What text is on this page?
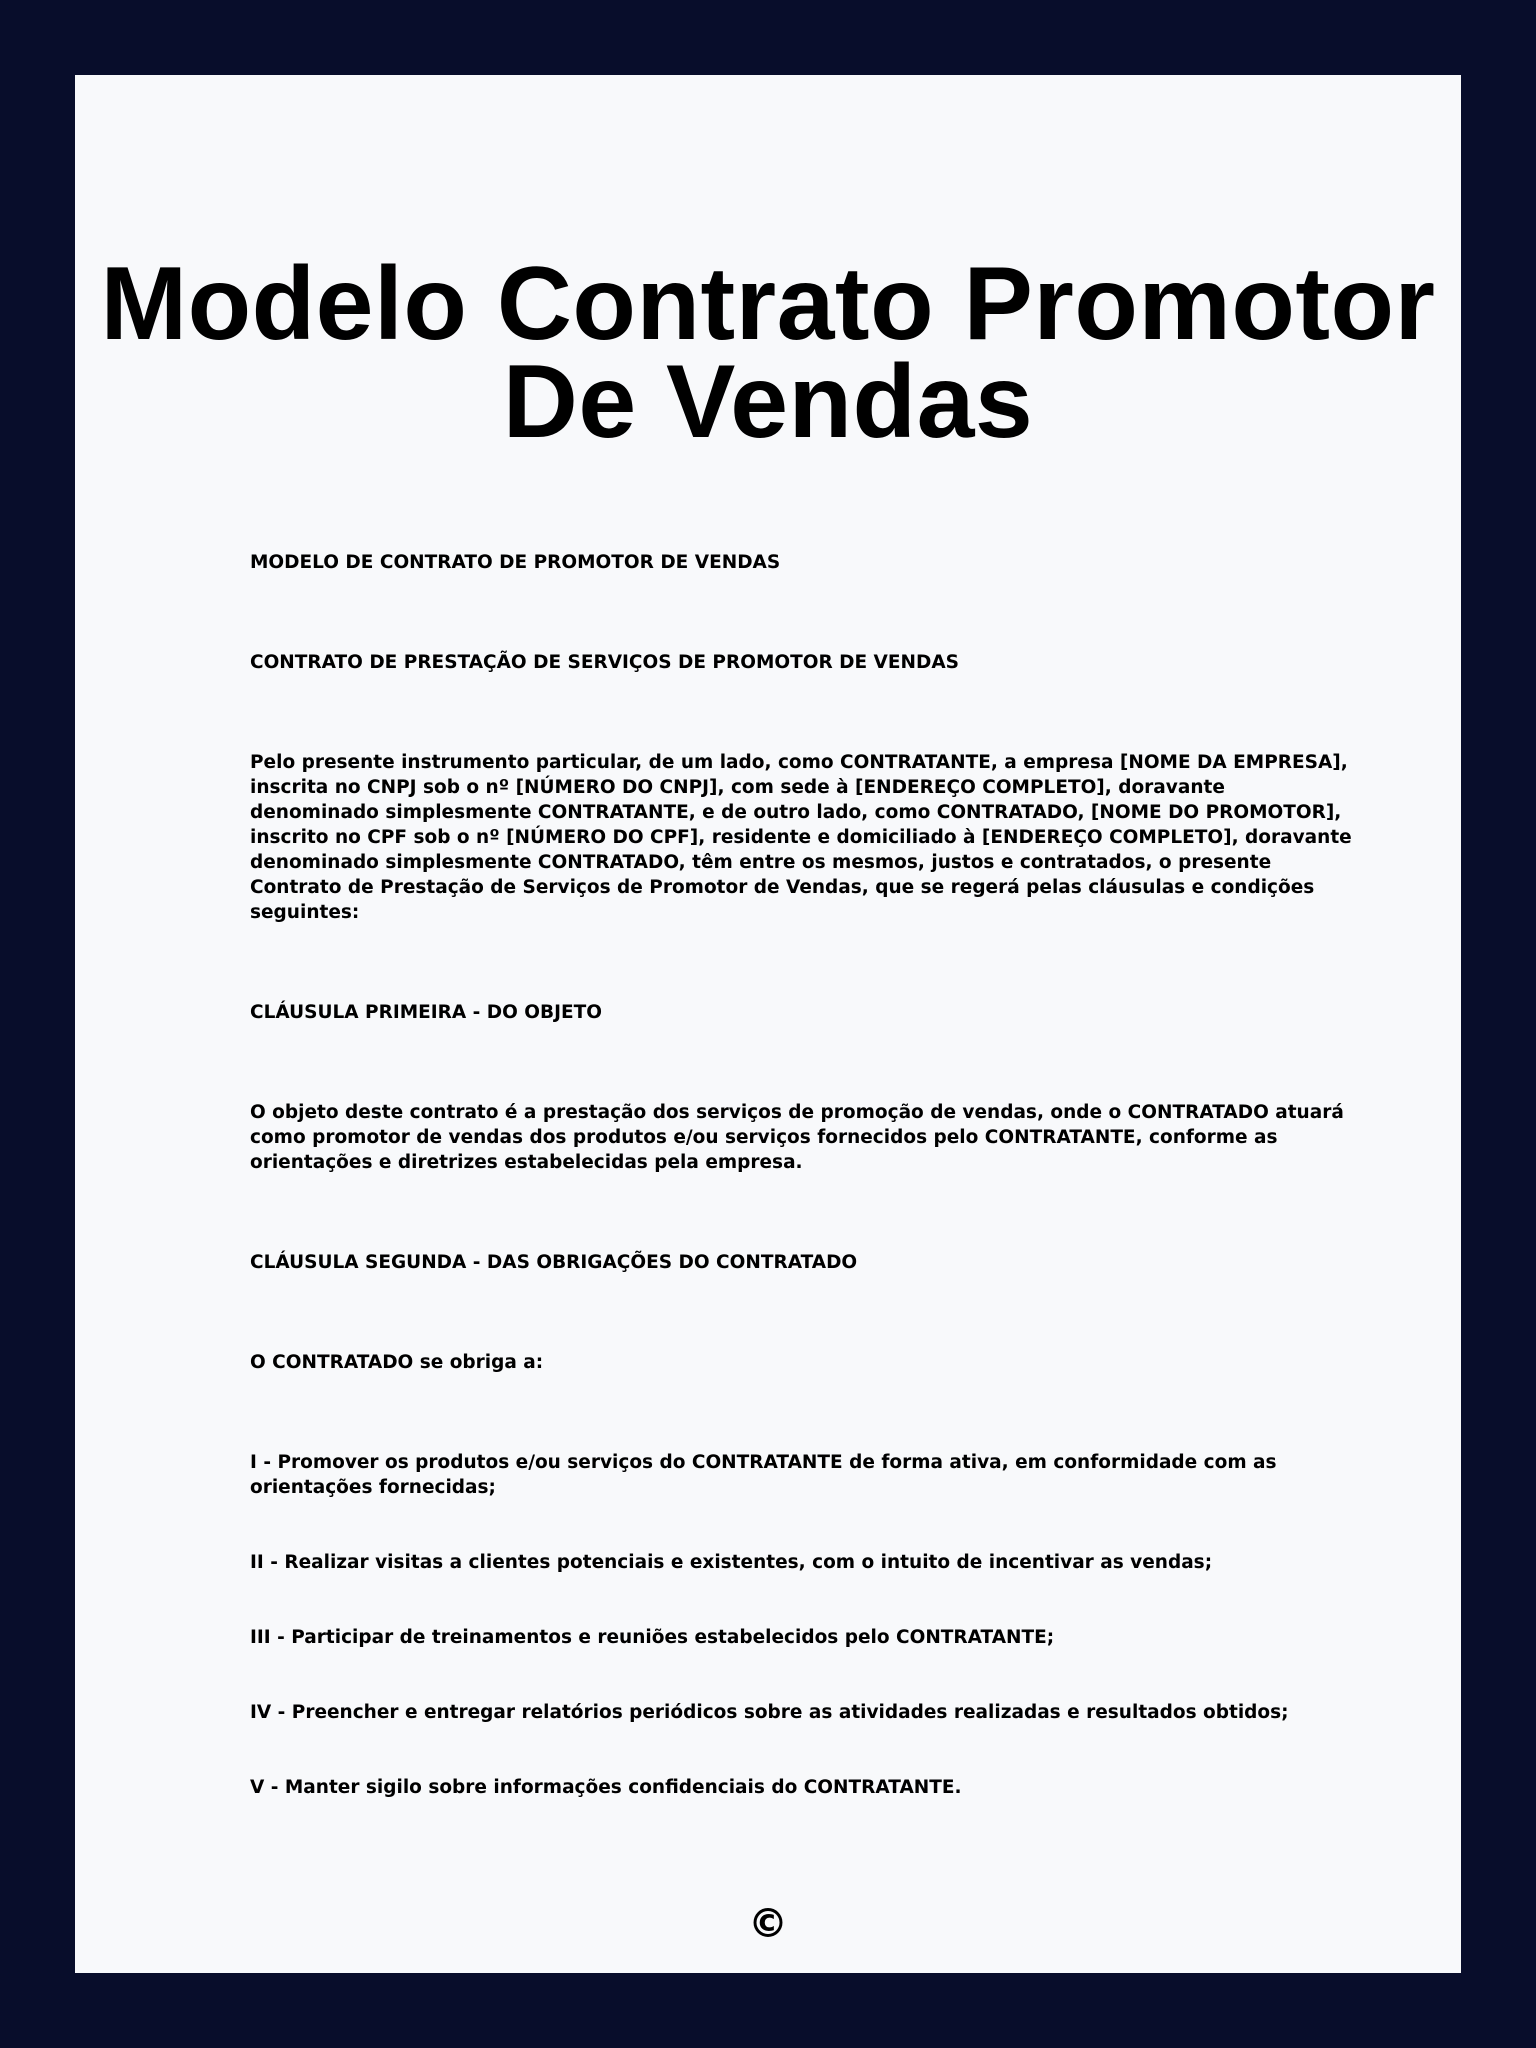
Modelo Contrato Promotor De Vendas

MODELO DE CONTRATO DE PROMOTOR DE VENDAS

CONTRATO DE PRESTAÇÃO DE SERVIÇOS DE PROMOTOR DE VENDAS

Pelo presente instrumento particular, de um lado, como CONTRATANTE, a empresa [NOME DA EMPRESA], inscrita no CNPJ sob o nº [NÚMERO DO CNPJ], com sede à [ENDEREÇO COMPLETO], doravante denominado simplesmente CONTRATANTE, e de outro lado, como CONTRATADO, [NOME DO PROMOTOR], inscrito no CPF sob o nº [NÚMERO DO CPF], residente e domiciliado à [ENDEREÇO COMPLETO], doravante denominado simplesmente CONTRATADO, têm entre os mesmos, justos e contratados, o presente Contrato de Prestação de Serviços de Promotor de Vendas, que se regerá pelas cláusulas e condições seguintes:

CLÁUSULA PRIMEIRA - DO OBJETO

O objeto deste contrato é a prestação dos serviços de promoção de vendas, onde o CONTRATADO atuará como promotor de vendas dos produtos e/ou serviços fornecidos pelo CONTRATANTE, conforme as orientações e diretrizes estabelecidas pela empresa.

CLÁUSULA SEGUNDA - DAS OBRIGAÇÕES DO CONTRATADO

O CONTRATADO se obriga a:

I - Promover os produtos e/ou serviços do CONTRATANTE de forma ativa, em conformidade com as orientações fornecidas;

II - Realizar visitas a clientes potenciais e existentes, com o intuito de incentivar as vendas;

III - Participar de treinamentos e reuniões estabelecidos pelo CONTRATANTE;

IV - Preencher e entregar relatórios periódicos sobre as atividades realizadas e resultados obtidos;

V - Manter sigilo sobre informações confidenciais do CONTRATANTE.

©
